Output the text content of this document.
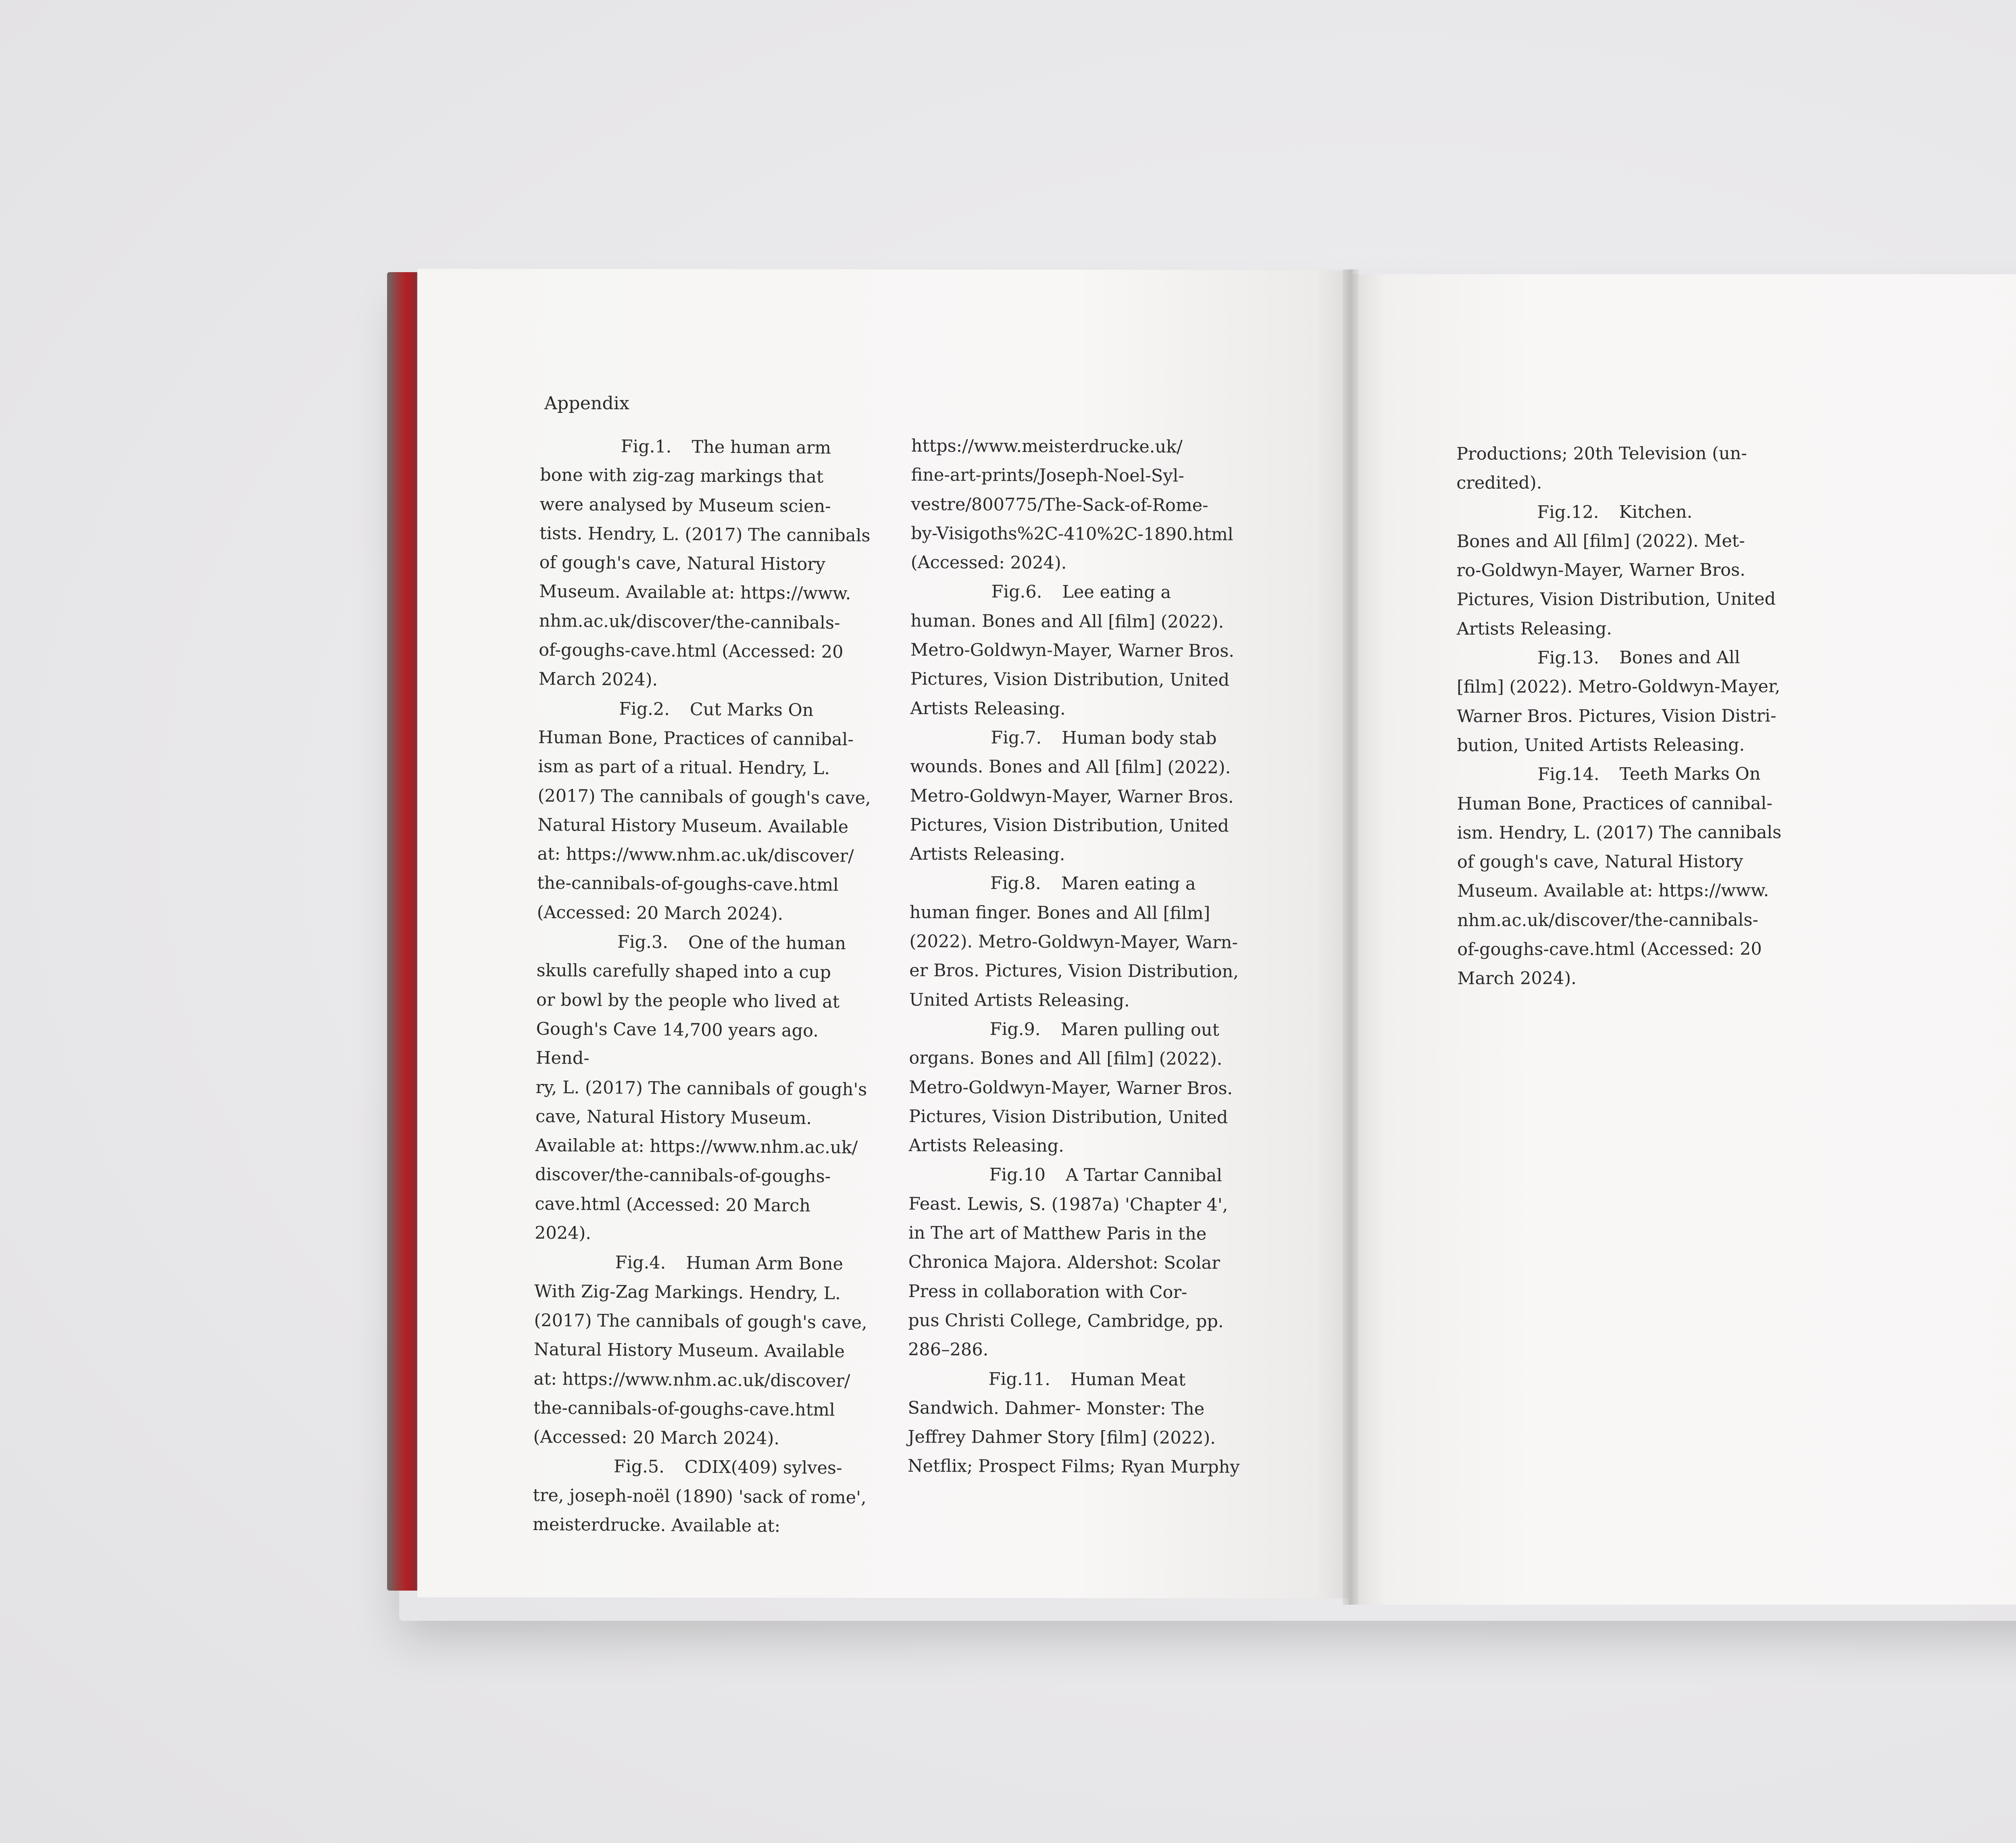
Appendix

Fig.1. The human arm
bone with zig-zag markings that
were analysed by Museum scien-
tists. Hendry, L. (2017) The cannibals
of gough's cave, Natural History
Museum. Available at: https://www.
nhm.ac.uk/discover/the-cannibals-
of-goughs-cave.html (Accessed: 20
March 2024).

Fig.2. Cut Marks On
Human Bone, Practices of cannibal-
ism as part of a ritual. Hendry, L.
(2017) The cannibals of gough's cave,
Natural History Museum. Available
at: https://www.nhm.ac.uk/discover/
the-cannibals-of-goughs-cave.html
(Accessed: 20 March 2024).

Fig.3. One of the human
skulls carefully shaped into a cup
or bowl by the people who lived at
Gough's Cave 14,700 years ago. Hend-
ry, L. (2017) The cannibals of gough's
cave, Natural History Museum.
Available at: https://www.nhm.ac.uk/
discover/the-cannibals-of-goughs-
cave.html (Accessed: 20 March 2024).

Fig.4. Human Arm Bone
With Zig-Zag Markings. Hendry, L.
(2017) The cannibals of gough's cave,
Natural History Museum. Available
at: https://www.nhm.ac.uk/discover/
the-cannibals-of-goughs-cave.html
(Accessed: 20 March 2024).

Fig.5. CDIX(409) sylves-
tre, joseph-noël (1890) 'sack of rome',
meisterdrucke. Available at:

https://www.meisterdrucke.uk/
fine-art-prints/Joseph-Noel-Syl-
vestre/800775/The-Sack-of-Rome-
by-Visigoths%2C-410%2C-1890.html
(Accessed: 2024).

Fig.6. Lee eating a
human. Bones and All [film] (2022).
Metro-Goldwyn-Mayer, Warner Bros.
Pictures, Vision Distribution, United
Artists Releasing.

Fig.7. Human body stab
wounds. Bones and All [film] (2022).
Metro-Goldwyn-Mayer, Warner Bros.
Pictures, Vision Distribution, United
Artists Releasing.

Fig.8. Maren eating a
human finger. Bones and All [film]
(2022). Metro-Goldwyn-Mayer, Warn-
er Bros. Pictures, Vision Distribution,
United Artists Releasing.

Fig.9. Maren pulling out
organs. Bones and All [film] (2022).
Metro-Goldwyn-Mayer, Warner Bros.
Pictures, Vision Distribution, United
Artists Releasing.

Fig.10 A Tartar Cannibal
Feast. Lewis, S. (1987a) 'Chapter 4',
in The art of Matthew Paris in the
Chronica Majora. Aldershot: Scolar
Press in collaboration with Cor-
pus Christi College, Cambridge, pp.
286–286.

Fig.11. Human Meat
Sandwich. Dahmer- Monster: The
Jeffrey Dahmer Story [film] (2022).
Netflix; Prospect Films; Ryan Murphy

Productions; 20th Television (un-
credited).

Fig.12. Kitchen.
Bones and All [film] (2022). Met-
ro-Goldwyn-Mayer, Warner Bros.
Pictures, Vision Distribution, United
Artists Releasing.

Fig.13. Bones and All
[film] (2022). Metro-Goldwyn-Mayer,
Warner Bros. Pictures, Vision Distri-
bution, United Artists Releasing.

Fig.14. Teeth Marks On
Human Bone, Practices of cannibal-
ism. Hendry, L. (2017) The cannibals
of gough's cave, Natural History
Museum. Available at: https://www.
nhm.ac.uk/discover/the-cannibals-
of-goughs-cave.html (Accessed: 20
March 2024).
